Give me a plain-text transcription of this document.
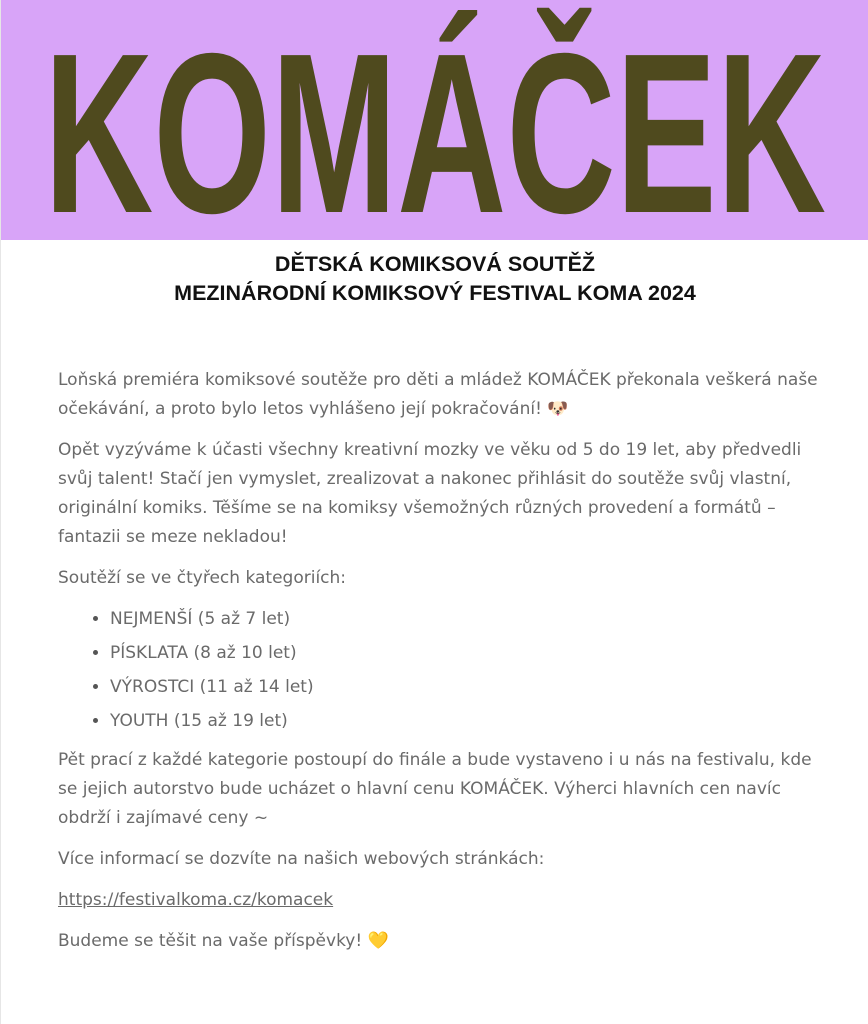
KOMÁČEK
DĚTSKÁ KOMIKSOVÁ SOUTĚŽ
MEZINÁRODNÍ KOMIKSOVÝ FESTIVAL KOMA 2024

Loňská premiéra komiksové soutěže pro děti a mládež KOMÁČEK překonala veškerá naše očekávání, a proto bylo letos vyhlášeno její pokračování! 🐶

Opět vyzýváme k účasti všechny kreativní mozky ve věku od 5 do 19 let, aby předvedli svůj talent! Stačí jen vymyslet, zrealizovat a nakonec přihlásit do soutěže svůj vlastní, originální komiks. Těšíme se na komiksy všemožných různých provedení a formátů – fantazii se meze nekladou!

Soutěží se ve čtyřech kategoriích:

• NEJMENŠÍ (5 až 7 let)
• PÍSKLATA (8 až 10 let)
• VÝROSTCI (11 až 14 let)
• YOUTH (15 až 19 let)

Pět prací z každé kategorie postoupí do finále a bude vystaveno i u nás na festivalu, kde se jejich autorstvo bude ucházet o hlavní cenu KOMÁČEK. Výherci hlavních cen navíc obdrží i zajímavé ceny ~

Více informací se dozvíte na našich webových stránkách:

https://festivalkoma.cz/komacek

Budeme se těšit na vaše příspěvky! 💛
